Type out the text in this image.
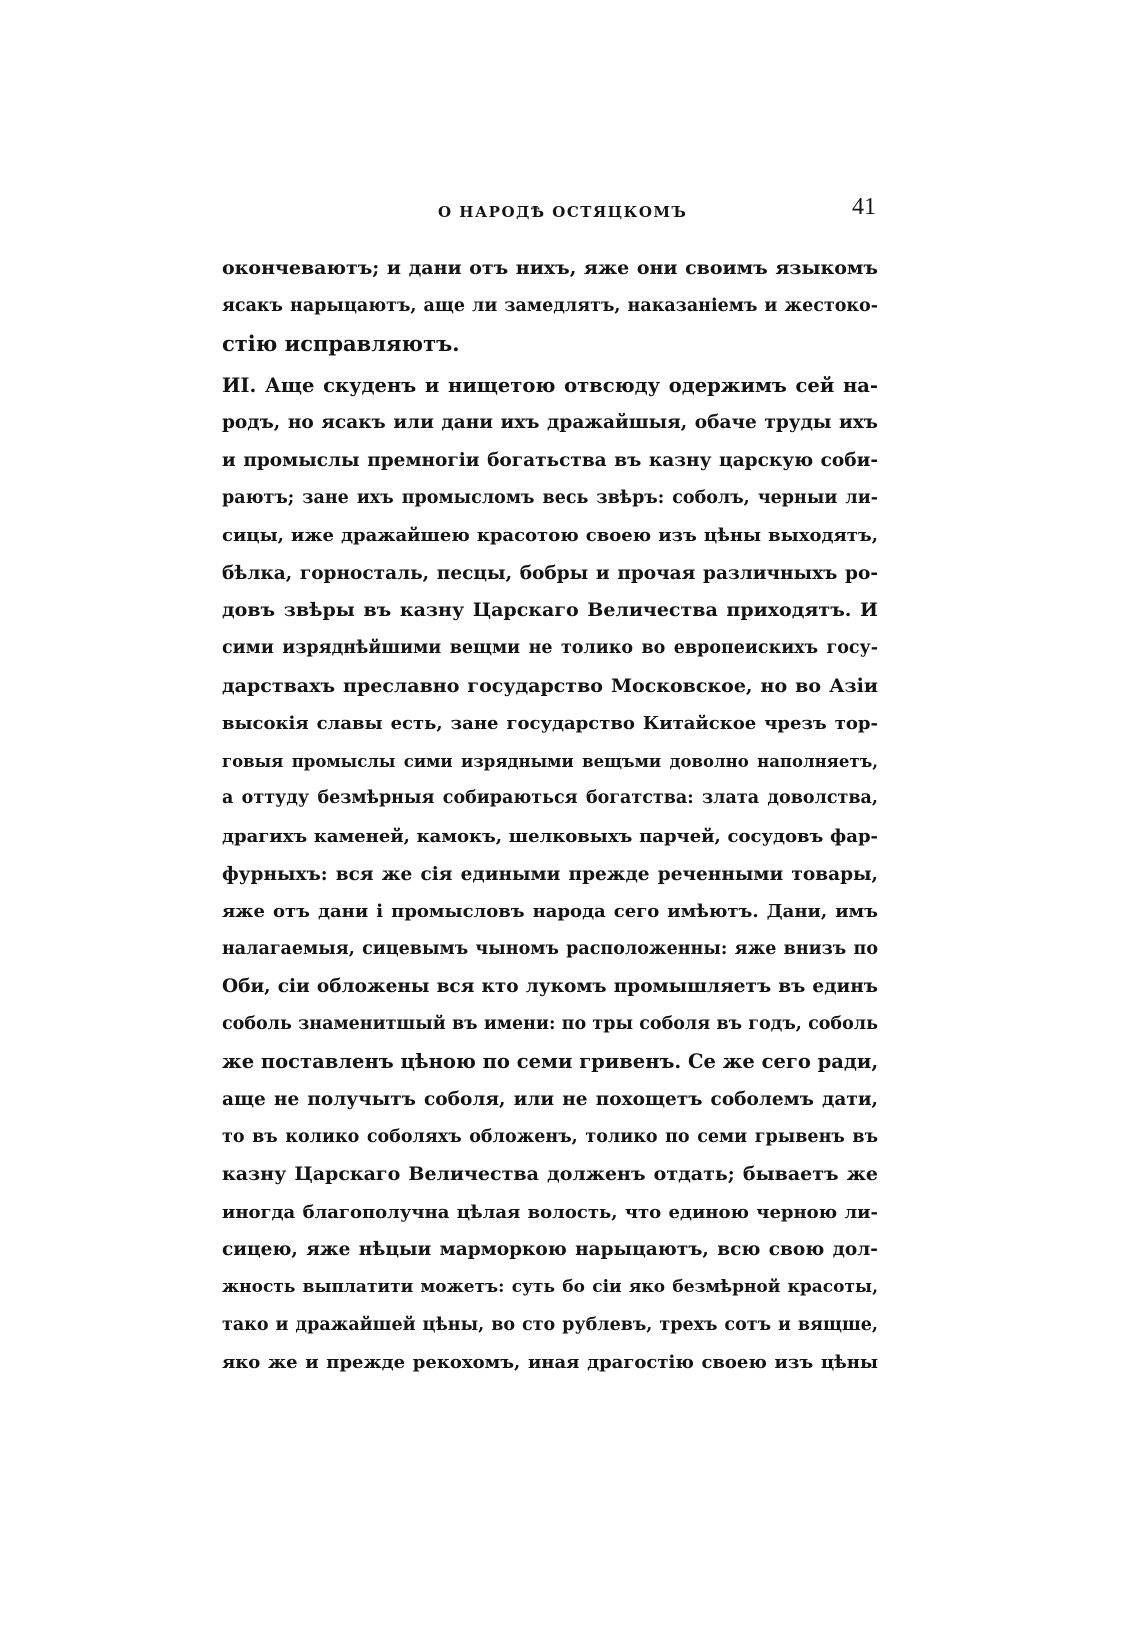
О НАРОДѢ ОСТЯЦКОМЪ	41
окончеваютъ; и дани отъ нихъ, яже они своимъ языкомъ
ясакъ нарыцаютъ, аще ли замедлятъ, наказаніемъ и жестоко-
стію исправляютъ.
ИI. Аще скуденъ и нищетою отвсюду одержимъ сей на-
родъ, но ясакъ или дани ихъ дражайшыя, обаче труды ихъ
и промыслы премногіи богатьства въ казну царскую соби-
раютъ; зане ихъ промысломъ весь звѣръ: соболъ, черныи ли-
сицы, иже дражайшею красотою своею изъ цѣны выходятъ,
бѣлка, горносталь, песцы, бобры и прочая различныхъ ро-
довъ звѣры въ казну Царскаго Величества приходятъ. И
сими изряднѣйшими вещми не толико во европеискихъ госу-
дарствахъ преславно государство Московское, но во Азіи
высокія славы есть, зане государство Китайское чрезъ тор-
говыя промыслы сими изрядными вещъми доволно наполняетъ,
а оттуду безмѣрныя собираються богатства: злата доволства,
драгихъ каменей, камокъ, шелковыхъ парчей, сосудовъ фар-
фурныхъ: вся же сія едиными прежде реченными товары,
яже отъ дани і промысловъ народа сего имѣютъ. Дани, имъ
налагаемыя, сицевымъ чыномъ расположенны: яже внизъ по
Оби, сіи обложены вся кто лукомъ промышляетъ въ единъ
соболь знаменитшый въ имени: по тры соболя въ годъ, соболь
же поставленъ цѣною по семи гривенъ. Се же сего ради,
аще не получытъ соболя, или не похощетъ соболемъ дати,
то въ колико соболяхъ обложенъ, толико по семи грывенъ въ
казну Царскаго Величества долженъ отдать; бываетъ же
иногда благополучна цѣлая волость, что единою черною ли-
сицею, яже нѣцыи марморкою нарыцаютъ, всю свою дол-
жность выплатити можетъ: суть бо сіи яко безмѣрной красоты,
тако и дражайшей цѣны, во сто рублевъ, трехъ сотъ и вящше,
яко же и прежде рекохомъ, иная драгостію своею изъ цѣны
